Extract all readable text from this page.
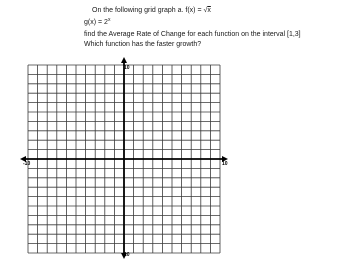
On the following grid graph a. f(x) = √x
$g(x) = 2^x$
find the Average Rate of Change for each function on the interval [1,3]
Which function has the faster growth?
-10	10
10
10
